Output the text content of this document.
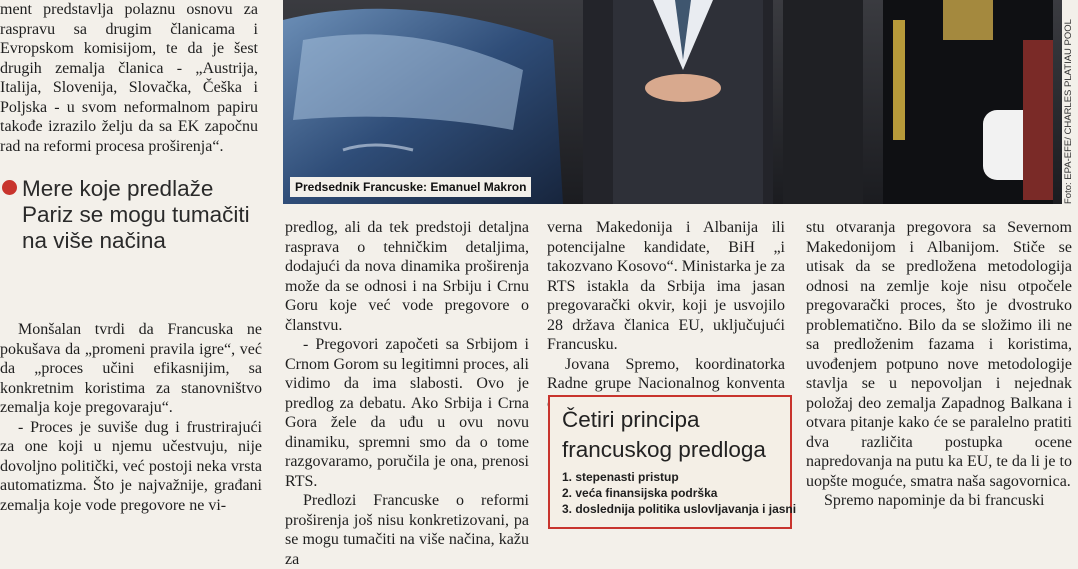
ment predstavlja polaznu osnovu za raspravu sa drugim članicama i Evropskom komisijom, te da je šest drugih zemalja članica - „Austrija, Italija, Slovenija, Slovačka, Češka i Poljska - u svom neformalnom papiru takođe izrazilo želju da sa EK započnu rad na reformi procesa proširenja“.

Mere koje predlaže Pariz se mogu tumačiti na više načina

Monšalan tvrdi da Francuska ne pokušava da „promeni pravila igre“, već da „proces učini efikasnijim, sa konkretnim koristima za stanovništvo zemalja koje pregovaraju“.

- Proces je suviše dug i frustrirajući za one koji u njemu učestvuju, nije dovoljno politički, već postoji neka vrsta automatizma. Što je najvažnije, građani zemalja koje vode pregovore ne vi-

Predsednik Francuske: Emanuel Makron	Foto: EPA-EFE/ CHARLES PLATIAU POOL

predlog, ali da tek predstoji detaljna rasprava o tehničkim detaljima, dodajući da nova dinamika proširenja može da se odnosi i na Srbiju i Crnu Goru koje već vode pregovore o članstvu.

- Pregovori započeti sa Srbijom i Crnom Gorom su legitimni proces, ali vidimo da ima slabosti. Ovo je predlog za debatu. Ako Srbija i Crna Gora žele da uđu u ovu novu dinamiku, spremni smo da o tome razgovaramo, poručila je ona, prenosi RTS.

Predlozi Francuske o reformi proširenja još nisu konkretizovani, pa se mogu tumačiti na više načina, kažu za

verna Makedonija i Albanija ili potencijalne kandidate, BiH „i takozvano Kosovo“. Ministarka je za RTS istakla da Srbija ima jasan pregovarački okvir, koji je usvojilo 28 država članica EU, uključujući Francusku.

Jovana Spremo, koordinatorka Radne grupe Nacionalnog konventa

Četiri principa francuskog predloga
1. stepenasti pristup
2. veća finansijska podrška
3. doslednija politika uslovljavanja i jasni

stu otvaranja pregovora sa Severnom Makedonijom i Albanijom. Stiče se utisak da se predložena metodologija odnosi na zemlje koje nisu otpočele pregovarački proces, što je dvostruko problematično. Bilo da se složimo ili ne sa predloženim fazama i koristima, uvođenjem potpuno nove metodologije stavlja se u nepovoljan i nejednak položaj deo zemalja Zapadnog Balkana i otvara pitanje kako će se paralelno pratiti dva različita postupka ocene napredovanja na putu ka EU, te da li je to uopšte moguće, smatra naša sagovornica.

Spremo napominje da bi francuski
